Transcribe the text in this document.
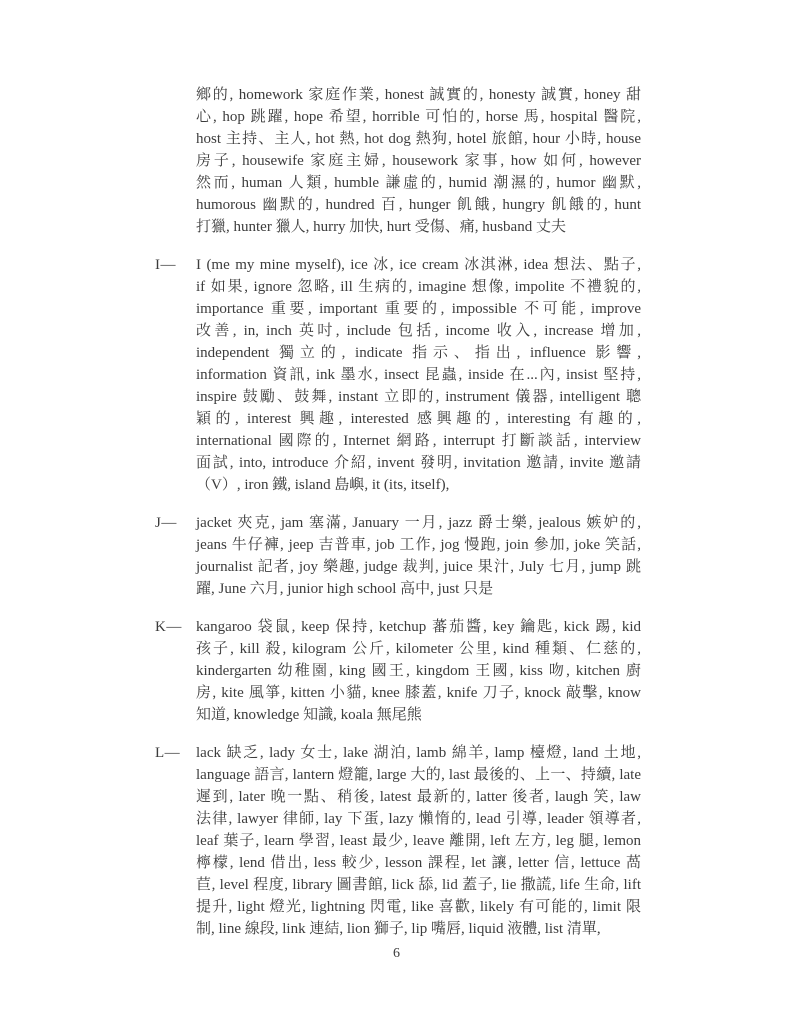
鄉的, homework 家庭作業, honest 誠實的, honesty 誠實, honey 甜
心, hop 跳躍, hope 希望, horrible 可怕的, horse 馬, hospital 醫院,
host 主持、主人, hot 熱, hot dog 熱狗, hotel 旅館, hour 小時, house
房子, housewife 家庭主婦, housework 家事, how 如何, however
然而, human 人類, humble 謙虛的, humid 潮濕的, humor 幽默,
humorous 幽默的, hundred 百, hunger 飢餓, hungry 飢餓的, hunt
打獵, hunter 獵人, hurry 加快, hurt 受傷、痛, husband 丈夫
I—	I (me my mine myself), ice 冰, ice cream 冰淇淋, idea 想法、點子,
if 如果, ignore 忽略, ill 生病的, imagine 想像, impolite 不禮貌的,
importance 重要, important 重要的, impossible 不可能, improve
改善, in, inch 英吋, include 包括, income 收入, increase 增加,
independent 獨立的, indicate 指示、指出, influence 影響,
information 資訊, ink 墨水, insect 昆蟲, inside 在...內, insist 堅持,
inspire 鼓勵、鼓舞, instant 立即的, instrument 儀器, intelligent 聰
穎的, interest 興趣, interested 感興趣的, interesting 有趣的,
international 國際的, Internet 網路, interrupt 打斷談話, interview
面試, into, introduce 介紹, invent 發明, invitation 邀請, invite 邀請
（V）, iron 鐵, island 島嶼, it (its, itself),
J—	jacket 夾克, jam 塞滿, January 一月, jazz 爵士樂, jealous 嫉妒的,
jeans 牛仔褲, jeep 吉普車, job 工作, jog 慢跑, join 參加, joke 笑話,
journalist 記者, joy 樂趣, judge 裁判, juice 果汁, July 七月, jump 跳
躍, June 六月, junior high school 高中, just 只是
K— kangaroo 袋鼠, keep 保持, ketchup 蕃茄醬, key 鑰匙, kick 踢, kid
孩子, kill 殺, kilogram 公斤, kilometer 公里, kind 種類、仁慈的,
kindergarten 幼稚園, king 國王, kingdom 王國, kiss 吻, kitchen 廚
房, kite 風箏, kitten 小貓, knee 膝蓋, knife 刀子, knock 敲擊, know
知道, knowledge 知識, koala 無尾熊
L—	lack 缺乏, lady 女士, lake 湖泊, lamb 綿羊, lamp 檯燈, land 土地,
language 語言, lantern 燈籠, large 大的, last 最後的、上一、持續, late
遲到, later 晚一點、稍後, latest 最新的, latter 後者, laugh 笑, law
法律, lawyer 律師, lay 下蛋, lazy 懶惰的, lead 引導, leader 領導者,
leaf 葉子, learn 學習, least 最少, leave 離開, left 左方, leg 腿, lemon
檸檬, lend 借出, less 較少, lesson 課程, let 讓, letter 信, lettuce 萵
苣, level 程度, library 圖書館, lick 舔, lid 蓋子, lie 撒謊, life 生命, lift
提升, light 燈光, lightning 閃電, like 喜歡, likely 有可能的, limit 限
制, line 線段, link 連結, lion 獅子, lip 嘴唇, liquid 液體, list 清單,
6
